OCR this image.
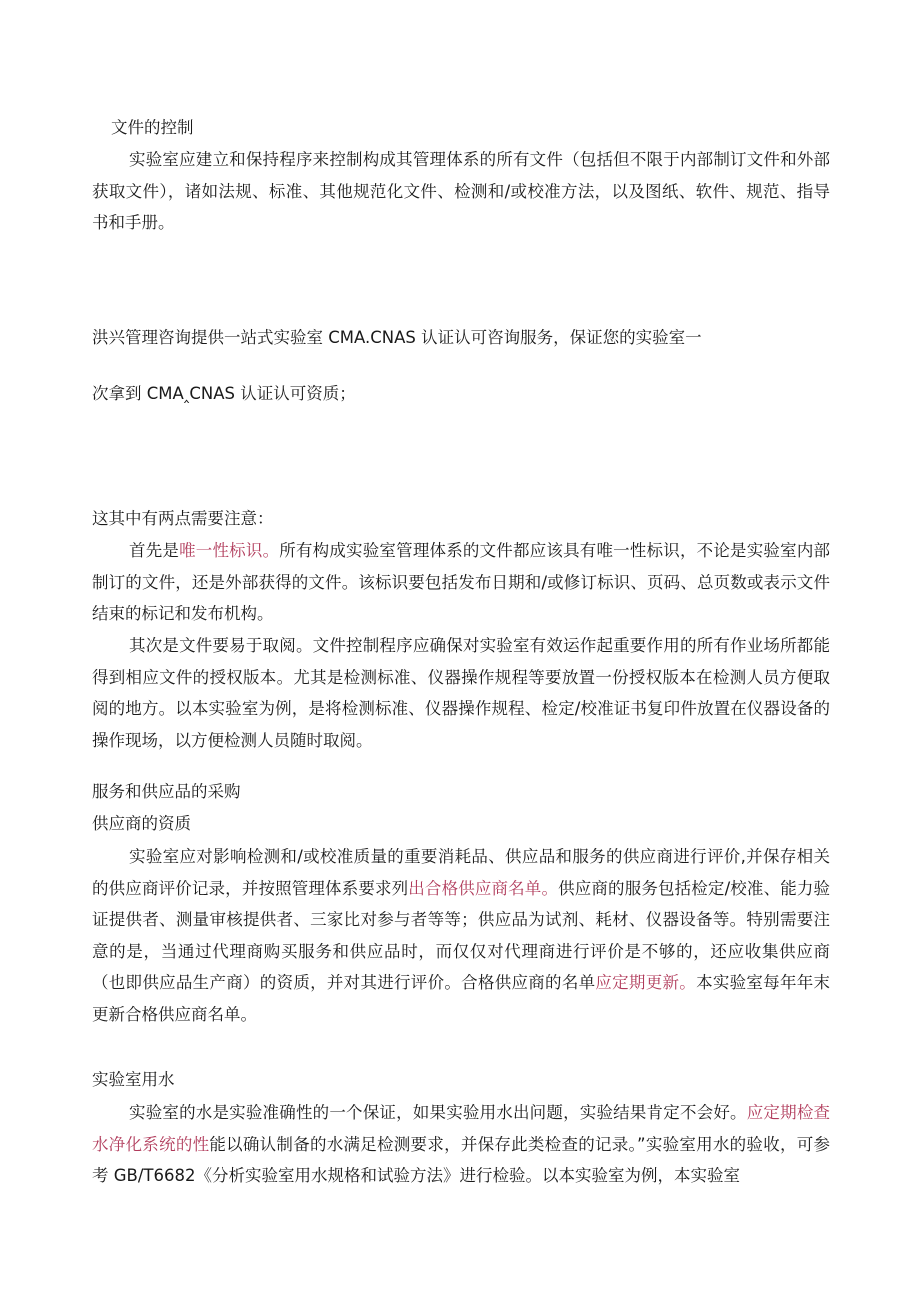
文件的控制

实验室应建立和保持程序来控制构成其管理体系的所有文件（包括但不限于内部制订文件和外部获取文件），诸如法规、标准、其他规范化文件、检测和/或校准方法，以及图纸、软件、规范、指导书和手册。

洪兴管理咨询提供一站式实验室 CMA.CNAS 认证认可咨询服务，保证您的实验室一
次拿到 CMA‸CNAS 认证认可资质；
这其中有两点需要注意：

首先是唯一性标识。所有构成实验室管理体系的文件都应该具有唯一性标识，不论是实验室内部制订的文件，还是外部获得的文件。该标识要包括发布日期和/或修订标识、页码、总页数或表示文件结束的标记和发布机构。

其次是文件要易于取阅。文件控制程序应确保对实验室有效运作起重要作用的所有作业场所都能得到相应文件的授权版本。尤其是检测标准、仪器操作规程等要放置一份授权版本在检测人员方便取阅的地方。以本实验室为例，是将检测标准、仪器操作规程、检定/校准证书复印件放置在仪器设备的操作现场，以方便检测人员随时取阅。

服务和供应品的采购
供应商的资质

实验室应对影响检测和/或校准质量的重要消耗品、供应品和服务的供应商进行评价,并保存相关的供应商评价记录，并按照管理体系要求列出合格供应商名单。供应商的服务包括检定/校准、能力验证提供者、测量审核提供者、三家比对参与者等等；供应品为试剂、耗材、仪器设备等。特别需要注意的是，当通过代理商购买服务和供应品时，而仅仅对代理商进行评价是不够的，还应收集供应商（也即供应品生产商）的资质，并对其进行评价。合格供应商的名单应定期更新。本实验室每年年末更新合格供应商名单。

实验室用水

实验室的水是实验准确性的一个保证，如果实验用水出问题，实验结果肯定不会好。应定期检查水净化系统的性能以确认制备的水满足检测要求，并保存此类检查的记录。”实验室用水的验收，可参考 GB/T6682《分析实验室用水规格和试验方法》进行检验。以本实验室为例，本实验室
